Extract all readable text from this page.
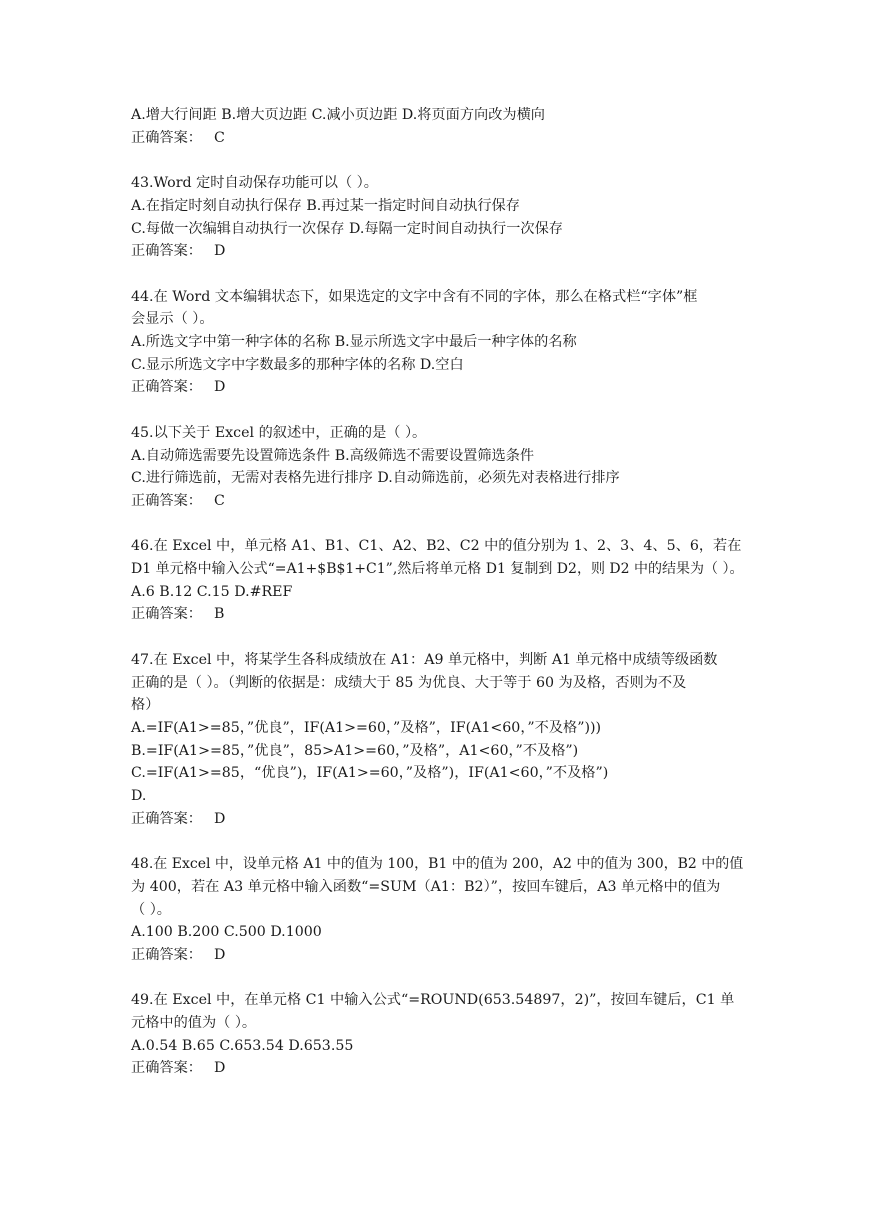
A.增大行间距 B.增大页边距 C.减小页边距 D.将页面方向改为横向
正确答案： C
43.Word 定时自动保存功能可以（ ）。
A.在指定时刻自动执行保存 B.再过某一指定时间自动执行保存
C.每做一次编辑自动执行一次保存 D.每隔一定时间自动执行一次保存
正确答案： D
44.在 Word 文本编辑状态下，如果选定的文字中含有不同的字体，那么在格式栏“字体”框
会显示（ ）。
A.所选文字中第一种字体的名称 B.显示所选文字中最后一种字体的名称
C.显示所选文字中字数最多的那种字体的名称 D.空白
正确答案： D
45.以下关于 Excel 的叙述中，正确的是（ ）。
A.自动筛选需要先设置筛选条件 B.高级筛选不需要设置筛选条件
C.进行筛选前，无需对表格先进行排序 D.自动筛选前，必须先对表格进行排序
正确答案： C
46.在 Excel 中，单元格 A1、B1、C1、A2、B2、C2 中的值分别为 1、2、3、4、5、6，若在
D1 单元格中输入公式“=A1+$B$1+C1”,然后将单元格 D1 复制到 D2，则 D2 中的结果为（ ）。
A.6 B.12 C.15 D.#REF
正确答案： B
47.在 Excel 中，将某学生各科成绩放在 A1：A9 单元格中，判断 A1 单元格中成绩等级函数
正确的是（ ）。（判断的依据是：成绩大于 85 为优良、大于等于 60 为及格，否则为不及
格）
A.=IF(A1>=85，”优良”，IF(A1>=60，”及格”，IF(A1<60，”不及格”)))
B.=IF(A1>=85，”优良”，85>A1>=60，”及格”，A1<60，”不及格”)
C.=IF(A1>=85，“优良”)，IF(A1>=60，”及格”)，IF(A1<60，”不及格”)
D.
正确答案： D
48.在 Excel 中，设单元格 A1 中的值为 100，B1 中的值为 200，A2 中的值为 300，B2 中的值
为 400，若在 A3 单元格中输入函数“=SUM（A1：B2）”，按回车键后，A3 单元格中的值为
（ ）。
A.100 B.200 C.500 D.1000
正确答案： D
49.在 Excel 中，在单元格 C1 中输入公式“=ROUND(653.54897，2)”，按回车键后，C1 单
元格中的值为（ ）。
A.0.54 B.65 C.653.54 D.653.55
正确答案： D
